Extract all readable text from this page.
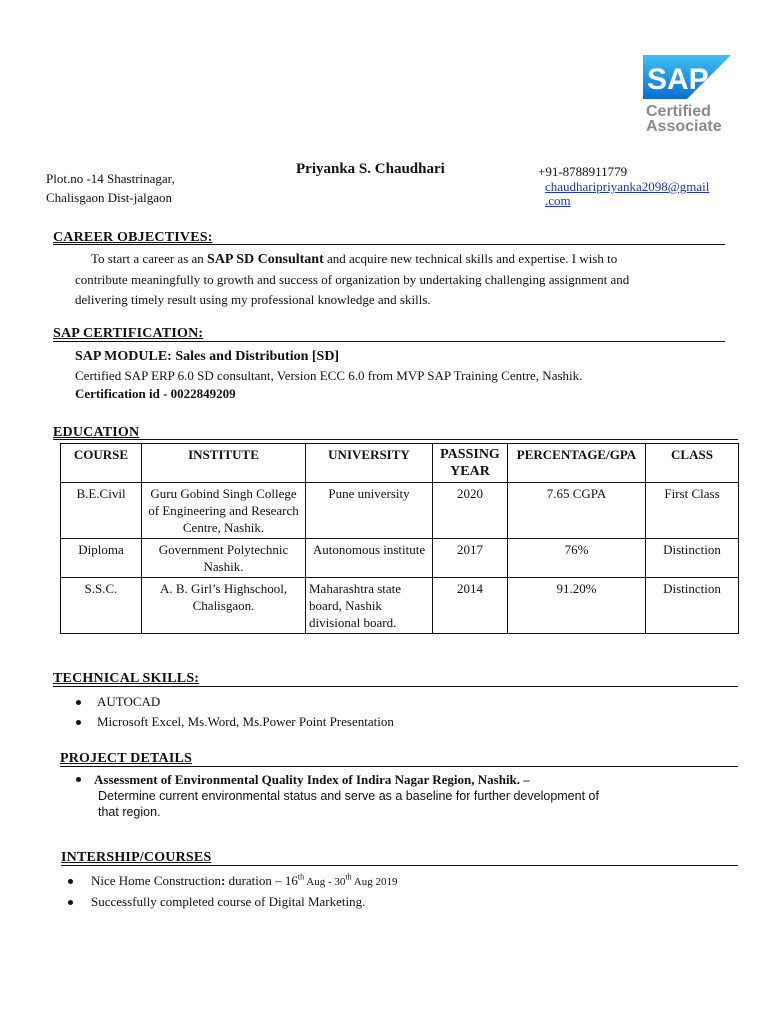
SAP ®
Certified
Associate
Plot.no -14 Shastrinagar,
Chalisgaon Dist-jalgaon
Priyanka S. Chaudhari	+91-8788911779
chaudharipriyanka2098@gmail
.com
CAREER OBJECTIVES:
To start a career as an SAP SD Consultant and acquire new technical skills and expertise. I wish to
contribute meaningfully to growth and success of organization by undertaking challenging assignment and
delivering timely result using my professional knowledge and skills.
SAP CERTIFICATION:
SAP MODULE: Sales and Distribution [SD]
Certified SAP ERP 6.0 SD consultant, Version ECC 6.0 from MVP SAP Training Centre, Nashik.
Certification id - 0022849209
EDUCATION
COURSE	INSTITUTE	UNIVERSITY	PASSING YEAR	PERCENTAGE/GPA	CLASS
B.E.Civil	Guru Gobind Singh College of Engineering and Research Centre, Nashik.	Pune university	2020	7.65 CGPA	First Class
Diploma	Government Polytechnic Nashik.	Autonomous institute	2017	76%	Distinction
S.S.C.	A. B. Girl’s Highschool, Chalisgaon.	Maharashtra state board, Nashik divisional board.	2014	91.20%	Distinction
TECHNICAL SKILLS:
AUTOCAD
Microsoft Excel, Ms.Word, Ms.Power Point Presentation
PROJECT DETAILS
Assessment of Environmental Quality Index of Indira Nagar Region, Nashik. –
Determine current environmental status and serve as a baseline for further development of
that region.
INTERSHIP/COURSES
Nice Home Construction: duration – 16th Aug - 30th Aug 2019
Successfully completed course of Digital Marketing.
